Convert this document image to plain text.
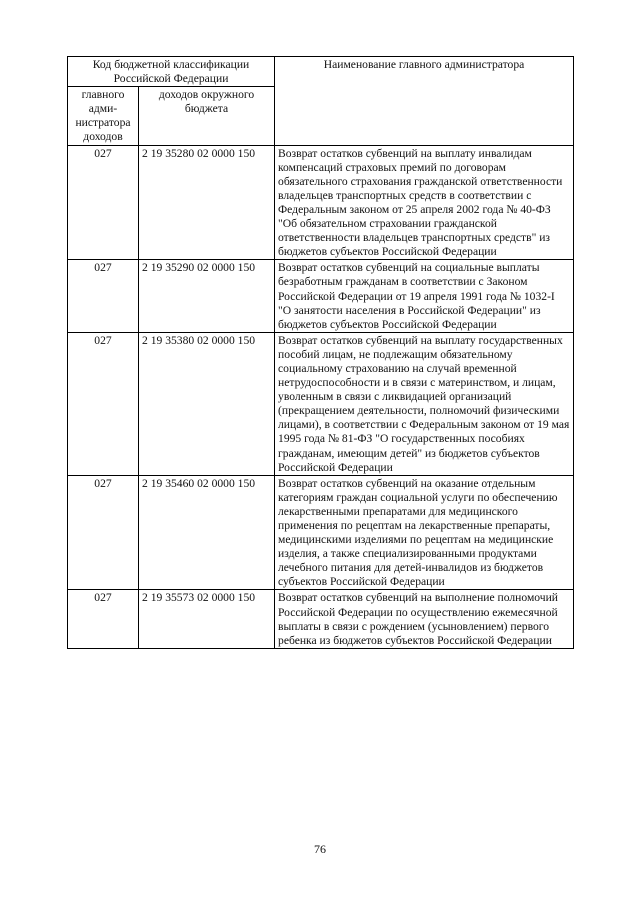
Код бюджетной классификации Российской Федерации		Наименование главного администратора
главного адми-нистратора доходов	доходов окружного бюджета	
027	2 19 35280 02 0000 150	Возврат остатков субвенций на выплату инвалидам компенсаций страховых премий по договорам обязательного страхования гражданской ответственности владельцев транспортных средств в соответствии с Федеральным законом от 25 апреля 2002 года № 40-ФЗ "Об обязательном страховании гражданской ответственности владельцев транспортных средств" из бюджетов субъектов Российской Федерации
027	2 19 35290 02 0000 150	Возврат остатков субвенций на социальные выплаты безработным гражданам в соответствии с Законом Российской Федерации от 19 апреля 1991 года № 1032-I "О занятости населения в Российской Федерации" из бюджетов субъектов Российской Федерации
027	2 19 35380 02 0000 150	Возврат остатков субвенций на выплату государственных пособий лицам, не подлежащим обязательному социальному страхованию на случай временной нетрудоспособности и в связи с материнством, и лицам, уволенным в связи с ликвидацией организаций (прекращением деятельности, полномочий физическими лицами), в соответствии с Федеральным законом от 19 мая 1995 года № 81-ФЗ "О государственных пособиях гражданам, имеющим детей" из бюджетов субъектов Российской Федерации
027	2 19 35460 02 0000 150	Возврат остатков субвенций на оказание отдельным категориям граждан социальной услуги по обеспечению лекарственными препаратами для медицинского применения по рецептам на лекарственные препараты, медицинскими изделиями по рецептам на медицинские изделия, а также специализированными продуктами лечебного питания для детей-инвалидов из бюджетов субъектов Российской Федерации
027	2 19 35573 02 0000 150	Возврат остатков субвенций на выполнение полномочий Российской Федерации по осуществлению ежемесячной выплаты в связи с рождением (усыновлением) первого ребенка из бюджетов субъектов Российской Федерации
76
